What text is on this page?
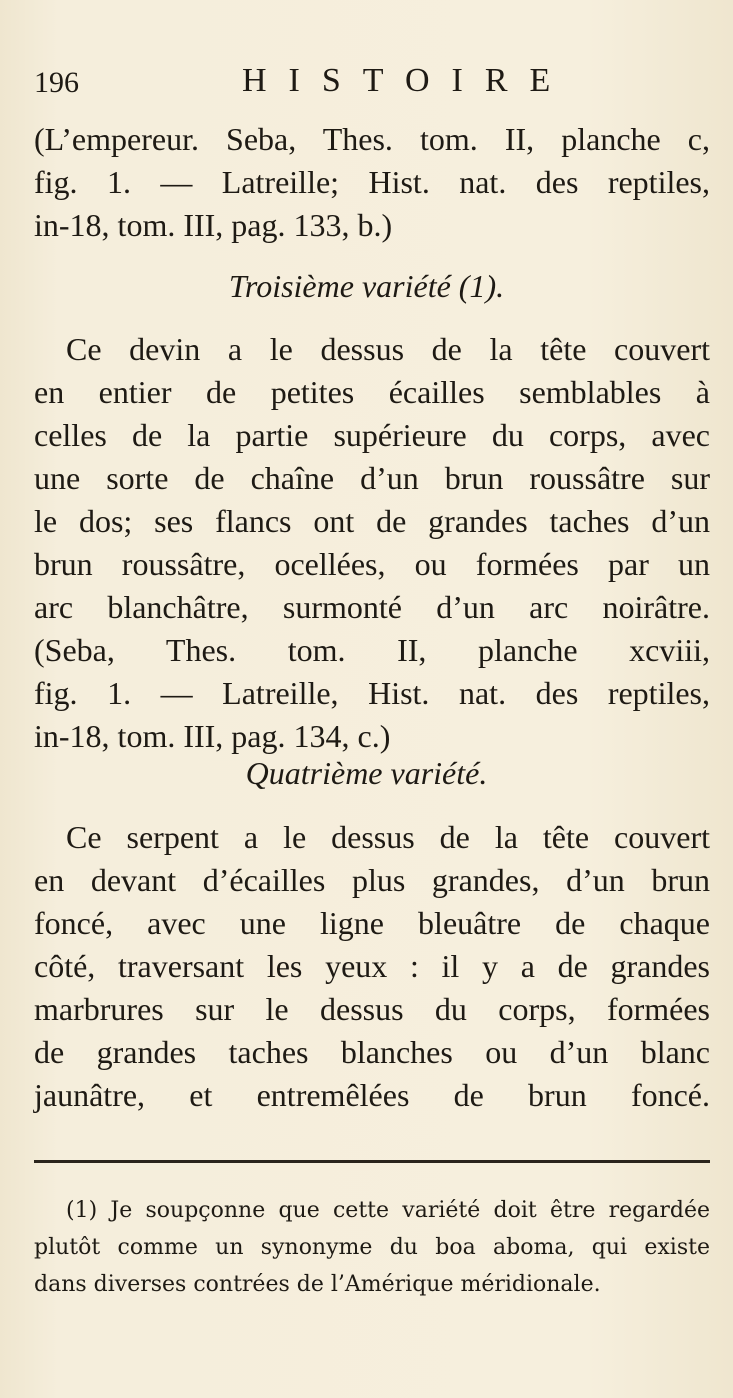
196	HISTOIRE
(L’empereur. Seba, Thes. tom. II, planche c,
fig. 1. — Latreille; Hist. nat. des reptiles,
in-18, tom. III, pag. 133, b.)
Troisième variété (1).
Ce devin a le dessus de la tête couvert
en entier de petites écailles semblables à
celles de la partie supérieure du corps, avec
une sorte de chaîne d’un brun roussâtre sur
le dos; ses flancs ont de grandes taches d’un
brun roussâtre, ocellées, ou formées par un
arc blanchâtre, surmonté d’un arc noirâtre.
(Seba, Thes. tom. II, planche xcviii,
fig. 1. — Latreille, Hist. nat. des reptiles,
in-18, tom. III, pag. 134, c.)
Quatrième variété.
Ce serpent a le dessus de la tête couvert
en devant d’écailles plus grandes, d’un brun
foncé, avec une ligne bleuâtre de chaque
côté, traversant les yeux : il y a de grandes
marbrures sur le dessus du corps, formées
de grandes taches blanches ou d’un blanc
jaunâtre, et entremêlées de brun foncé.
(1) Je soupçonne que cette variété doit être regardée
plutôt comme un synonyme du boa aboma, qui existe
dans diverses contrées de l’Amérique méridionale.
